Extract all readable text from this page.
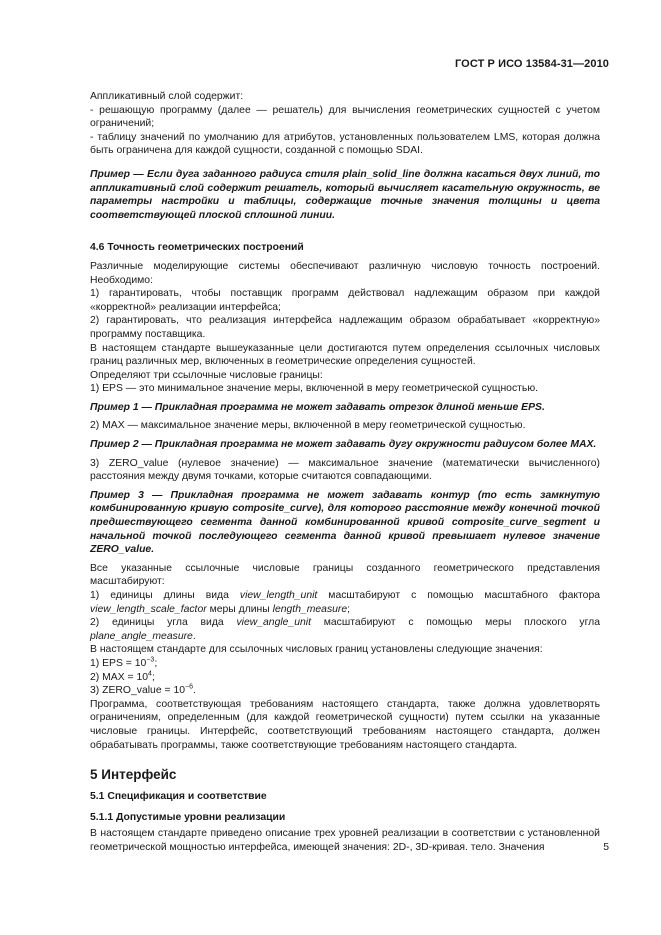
ГОСТ Р ИСО 13584-31—2010

Аппликативный слой содержит:

- решающую программу (далее — решатель) для вычисления геометрических сущностей с учетом ограничений;

- таблицу значений по умолчанию для атрибутов, установленных пользователем LMS, которая должна быть ограничена для каждой сущности, созданной с помощью SDAI.

Пример — Если дуга заданного радиуса стиля plain_solid_line должна касаться двух линий, то аппликативный слой содержит решатель, который вычисляет касательную окружность, ве параметры настройки и таблицы, содержащие точные значения толщины и цвета соответствующей плоской сплошной линии.

4.6 Точность геометрических построений

Различные моделирующие системы обеспечивают различную числовую точность построений. Необходимо:

1) гарантировать, чтобы поставщик программ действовал надлежащим образом при каждой «корректной» реализации интерфейса;

2) гарантировать, что реализация интерфейса надлежащим образом обрабатывает «корректную» программу поставщика.

В настоящем стандарте вышеуказанные цели достигаются путем определения ссылочных числовых границ различных мер, включенных в геометрические определения сущностей.

Определяют три ссылочные числовые границы:

1) EPS — это минимальное значение меры, включенной в меру геометрической сущностью.

Пример 1 — Прикладная программа не может задавать отрезок длиной меньше EPS.

2) MAX — максимальное значение меры, включенной в меру геометрической сущностью.

Пример 2 — Прикладная программа не может задавать дугу окружности радиусом более MAX.

3) ZERO_value (нулевое значение) — максимальное значение (математически вычисленного) расстояния между двумя точками, которые считаются совпадающими.

Пример 3 — Прикладная программа не может задавать контур (то есть замкнутую комбинированную кривую composite_curve), для которого расстояние между конечной точкой предшествующего сегмента данной комбинированной кривой composite_curve_segment и начальной точкой последующего сегмента данной кривой превышает нулевое значение ZERO_value.

Все указанные ссылочные числовые границы созданного геометрического представления масштабируют:

1) единицы длины вида view_length_unit масштабируют с помощью масштабного фактора view_length_scale_factor меры длины length_measure;

2) единицы угла вида view_angle_unit масштабируют с помощью меры плоского угла plane_angle_measure.

В настоящем стандарте для ссылочных числовых границ установлены следующие значения:

1) EPS = $10^{-3}$;

2) MAX = $10^4$;

3) ZERO_value = $10^{-6}$.

Программа, соответствующая требованиям настоящего стандарта, также должна удовлетворять ограничениям, определенным (для каждой геометрической сущности) путем ссылки на указанные числовые границы. Интерфейс, соответствующий требованиям настоящего стандарта, должен обрабатывать программы, также соответствующие требованиям настоящего стандарта.

5 Интерфейс
5.1 Спецификация и соответствие
5.1.1 Допустимые уровни реализации

В настоящем стандарте приведено описание трех уровней реализации в соответствии с установленной геометрической мощностью интерфейса, имеющей значения: 2D-, 3D-кривая. тело. Значения	5
